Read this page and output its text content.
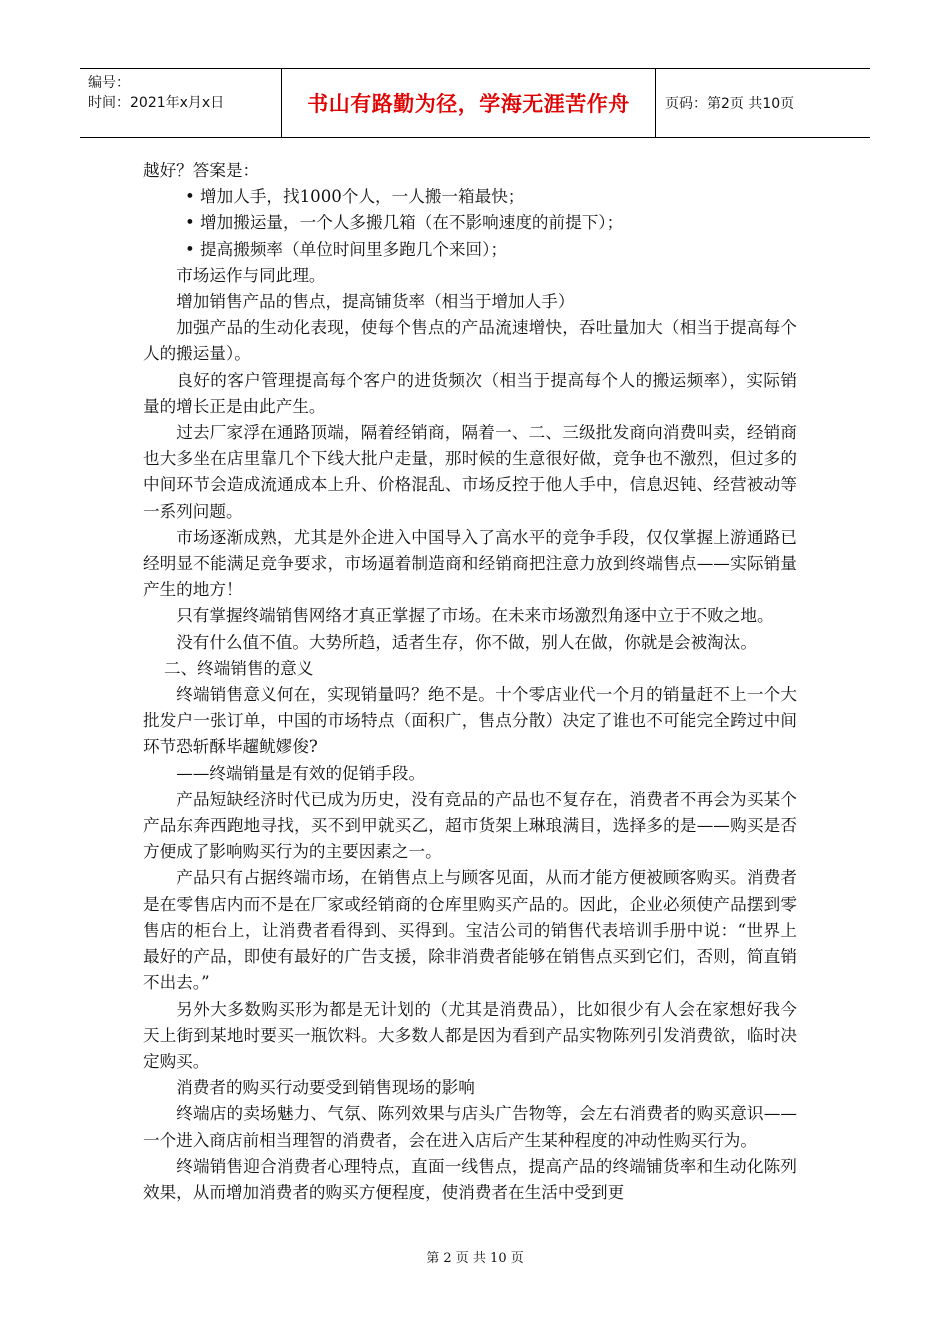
编号：
时间：2021年x月x日	书山有路勤为径，学海无涯苦作舟	页码：第2页 共10页

越好？答案是：

• 增加人手，找1000个人，一人搬一箱最快；

• 增加搬运量，一个人多搬几箱（在不影响速度的前提下）；

• 提高搬频率（单位时间里多跑几个来回）；

市场运作与同此理。

增加销售产品的售点，提高铺货率（相当于增加人手）

加强产品的生动化表现，使每个售点的产品流速增快，吞吐量加大（相当于提高每个人的搬运量）。

良好的客户管理提高每个客户的进货频次（相当于提高每个人的搬运频率），实际销量的增长正是由此产生。

过去厂家浮在通路顶端，隔着经销商，隔着一、二、三级批发商向消费叫卖，经销商也大多坐在店里靠几个下线大批户走量，那时候的生意很好做，竞争也不激烈，但过多的中间环节会造成流通成本上升、价格混乱、市场反控于他人手中，信息迟钝、经营被动等一系列问题。

市场逐渐成熟，尤其是外企进入中国导入了高水平的竞争手段，仅仅掌握上游通路已经明显不能满足竞争要求，市场逼着制造商和经销商把注意力放到终端售点——实际销量产生的地方！

只有掌握终端销售网络才真正掌握了市场。在未来市场激烈角逐中立于不败之地。

没有什么值不值。大势所趋，适者生存，你不做，别人在做，你就是会被淘汰。

二、终端销售的意义

终端销售意义何在，实现销量吗？绝不是。十个零店业代一个月的销量赶不上一个大批发户一张订单，中国的市场特点（面积广，售点分散）决定了谁也不可能完全跨过中间环节恐斩酥毕趯鱿嫪俊?

——终端销量是有效的促销手段。

产品短缺经济时代已成为历史，没有竞品的产品也不复存在，消费者不再会为买某个产品东奔西跑地寻找，买不到甲就买乙，超市货架上琳琅满目，选择多的是——购买是否方便成了影响购买行为的主要因素之一。

产品只有占据终端市场，在销售点上与顾客见面，从而才能方便被顾客购买。消费者是在零售店内而不是在厂家或经销商的仓库里购买产品的。因此，企业必须使产品摆到零售店的柜台上，让消费者看得到、买得到。宝洁公司的销售代表培训手册中说：“世界上最好的产品，即使有最好的广告支援，除非消费者能够在销售点买到它们，否则，简直销不出去。”

另外大多数购买形为都是无计划的（尤其是消费品），比如很少有人会在家想好我今天上街到某地时要买一瓶饮料。大多数人都是因为看到产品实物陈列引发消费欲，临时决定购买。

消费者的购买行动要受到销售现场的影响

终端店的卖场魅力、气氛、陈列效果与店头广告物等，会左右消费者的购买意识——一个进入商店前相当理智的消费者，会在进入店后产生某种程度的冲动性购买行为。

终端销售迎合消费者心理特点，直面一线售点，提高产品的终端铺货率和生动化陈列效果，从而增加消费者的购买方便程度，使消费者在生活中受到更

第 2 页 共 10 页
